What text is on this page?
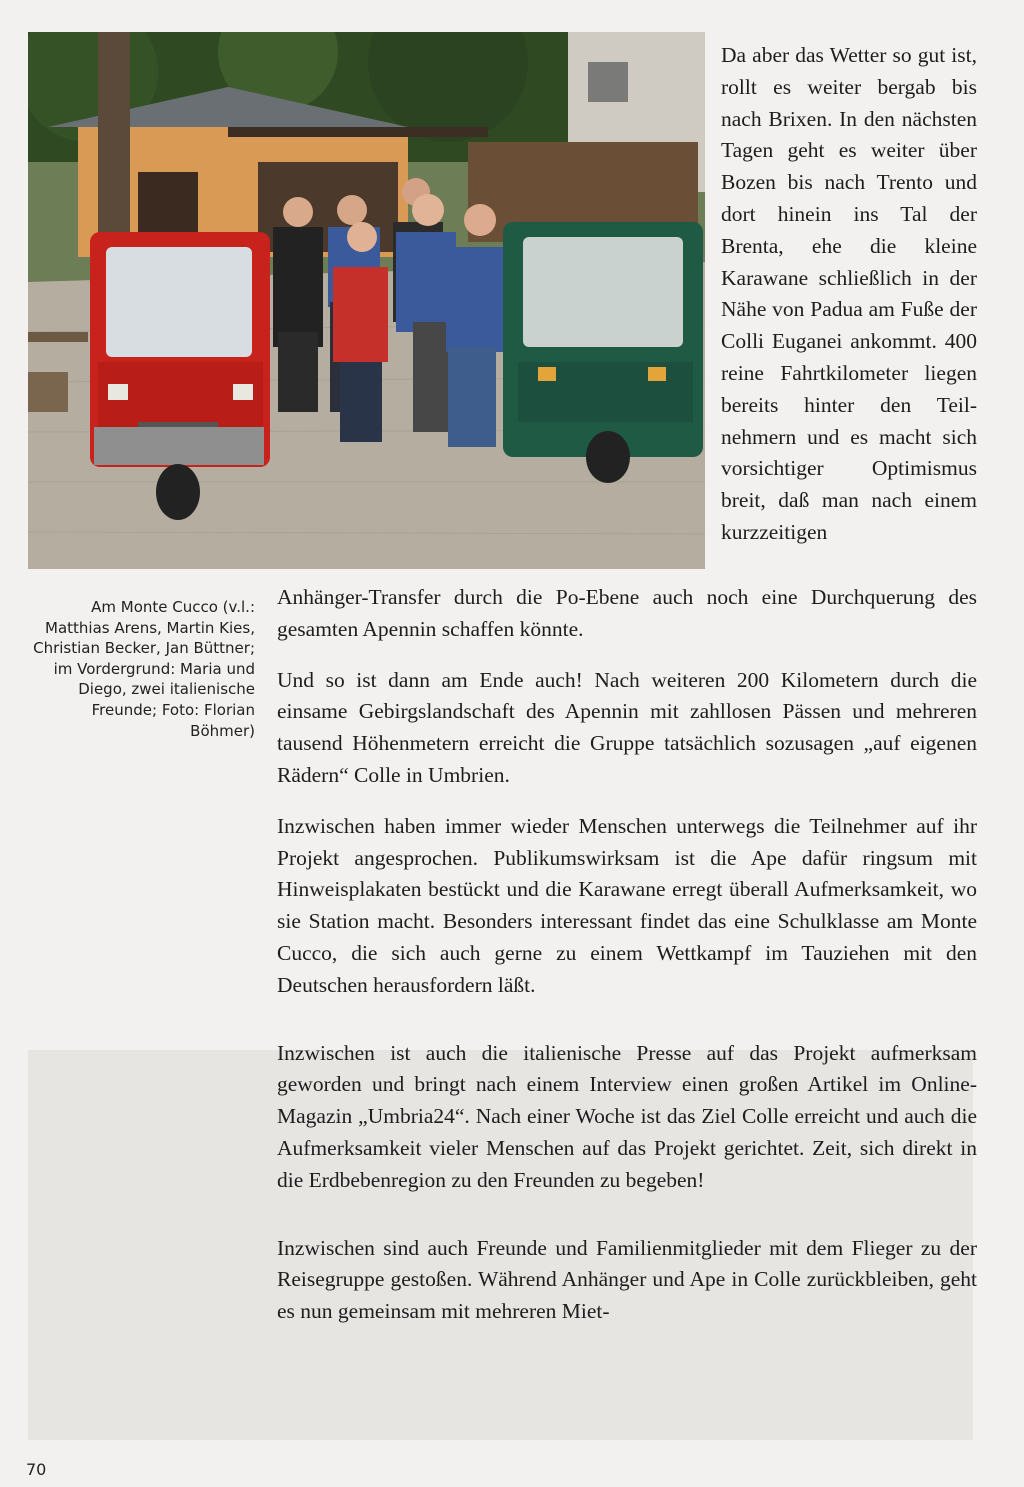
Da aber das Wetter so gut ist, rollt es weiter bergab bis nach Brixen. In den nächsten Tagen geht es weiter über Bozen bis nach Trento und dort hinein ins Tal der Brenta, ehe die kleine Karawane schließlich in der Nähe von Padua am Fuße der Colli Euganei ankommt. 400 reine Fahrtkilometer liegen bereits hinter den Teilnehmern und es macht sich vorsichtiger Optimismus breit, daß man nach einem kurzzeitigen

Anhänger-Transfer durch die Po-Ebene auch noch eine Durchquerung des gesamten Apennin schaffen könnte.

Und so ist dann am Ende auch! Nach weiteren 200 Kilometern durch die einsame Gebirgslandschaft des Apennin mit zahllosen Pässen und mehreren tausend Höhenmetern erreicht die Gruppe tatsächlich sozusagen „auf eigenen Rädern“ Colle in Umbrien.

Inzwischen haben immer wieder Menschen unterwegs die Teilnehmer auf ihr Projekt angesprochen. Publikumswirksam ist die Ape dafür ringsum mit Hinweisplakaten bestückt und die Karawane erregt überall Aufmerksamkeit, wo sie Station macht. Besonders interessant findet das eine Schulklasse am Monte Cucco, die sich auch gerne zu einem Wettkampf im Tauziehen mit den Deutschen herausfordern läßt.

Inzwischen ist auch die italienische Presse auf das Projekt aufmerksam geworden und bringt nach einem Interview einen großen Artikel im Online-Magazin „Umbria24“. Nach einer Woche ist das Ziel Colle erreicht und auch die Aufmerksamkeit vieler Menschen auf das Projekt gerichtet. Zeit, sich direkt in die Erdbebenregion zu den Freunden zu begeben!

Inzwischen sind auch Freunde und Familienmitglieder mit dem Flieger zu der Reisegruppe gestoßen. Während Anhänger und Ape in Colle zurückbleiben, geht es nun gemeinsam mit mehreren Miet-

Am Monte Cucco (v.l.: Matthias Arens, Martin Kies, Christian Becker, Jan Büttner; im Vordergrund: Maria und Diego, zwei italienische Freunde; Foto: Florian Böhmer)

70
